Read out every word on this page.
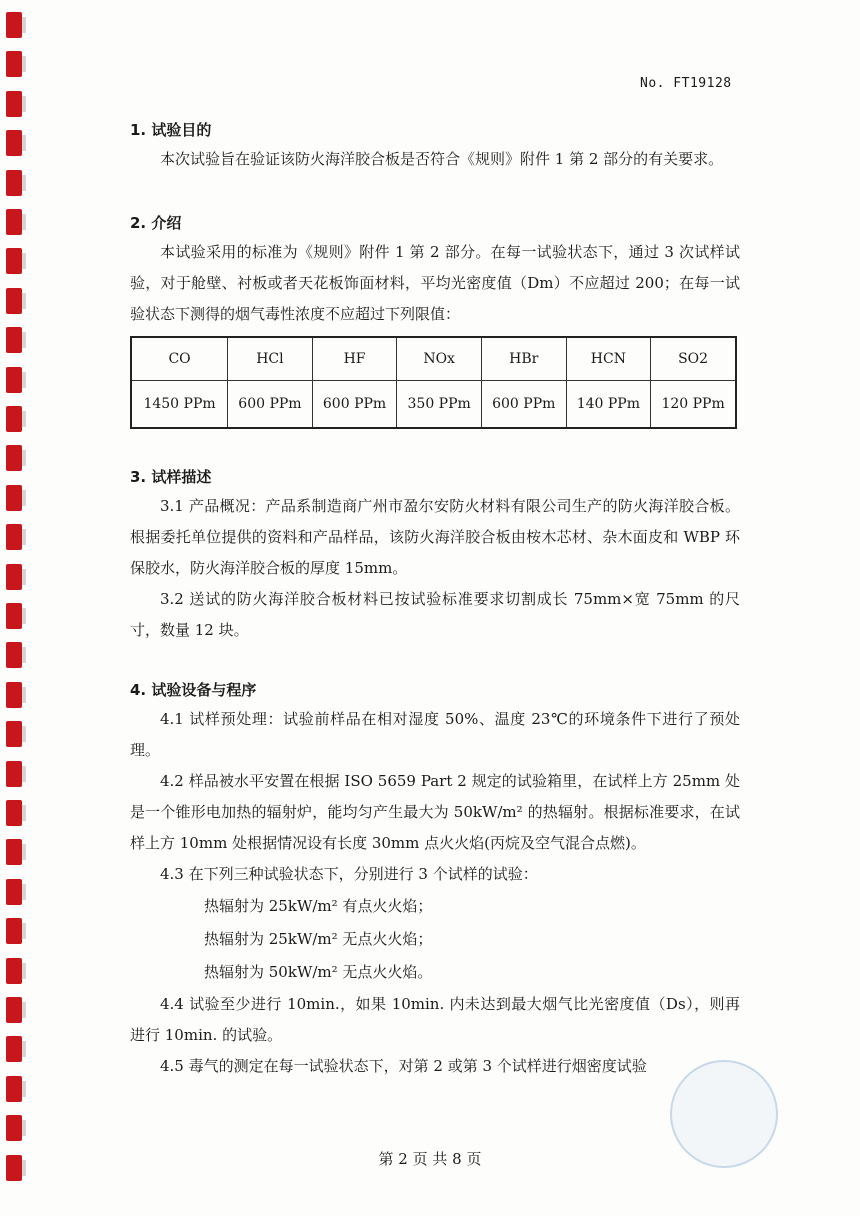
No. FT19128
1. 试验目的

本次试验旨在验证该防火海洋胶合板是否符合《规则》附件 1 第 2 部分的有关要求。

2. 介绍

本试验采用的标准为《规则》附件 1 第 2 部分。在每一试验状态下，通过 3 次试样试验，对于舱壁、衬板或者天花板饰面材料，平均光密度值（Dm）不应超过 200；在每一试验状态下测得的烟气毒性浓度不应超过下列限值：

CO	HCl	HF	NOx	HBr	HCN	SO2
1450 PPm	600 PPm	600 PPm	350 PPm	600 PPm	140 PPm	120 PPm
3. 试样描述

3.1 产品概况：产品系制造商广州市盈尔安防火材料有限公司生产的防火海洋胶合板。根据委托单位提供的资料和产品样品，该防火海洋胶合板由桉木芯材、杂木面皮和 WBP 环保胶水，防火海洋胶合板的厚度 15mm。

3.2 送试的防火海洋胶合板材料已按试验标准要求切割成长 75mm×宽 75mm 的尺寸，数量 12 块。

4. 试验设备与程序

4.1 试样预处理：试验前样品在相对湿度 50%、温度 23℃的环境条件下进行了预处理。

4.2 样品被水平安置在根据 ISO 5659 Part 2 规定的试验箱里，在试样上方 25mm 处是一个锥形电加热的辐射炉，能均匀产生最大为 50kW/m² 的热辐射。根据标准要求，在试样上方 10mm 处根据情况设有长度 30mm 点火火焰(丙烷及空气混合点燃)。

4.3 在下列三种试验状态下，分别进行 3 个试样的试验：

热辐射为 25kW/m² 有点火火焰；
热辐射为 25kW/m² 无点火火焰；
热辐射为 50kW/m² 无点火火焰。

4.4 试验至少进行 10min.，如果 10min. 内未达到最大烟气比光密度值（Ds），则再进行 10min. 的试验。

4.5 毒气的测定在每一试验状态下，对第 2 或第 3 个试样进行烟密度试验

第 2 页 共 8 页
